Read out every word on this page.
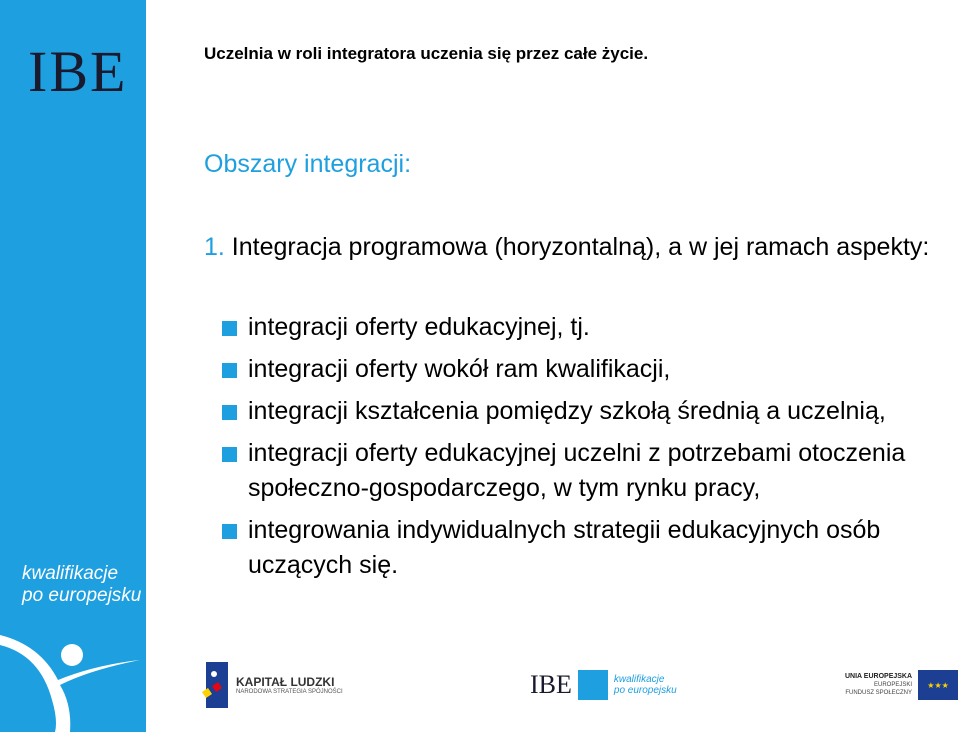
IBE
kwalifikacje
po europejsku
Uczelnia w roli integratora uczenia się przez całe życie.
Obszary integracji:
1. Integracja programowa (horyzontalną), a w jej ramach aspekty:
integracji oferty edukacyjnej, tj.
integracji oferty wokół ram kwalifikacji,
integracji kształcenia pomiędzy szkołą średnią a uczelnią,
integracji oferty edukacyjnej uczelni z potrzebami otoczenia społeczno-gospodarczego, w tym rynku pracy,
integrowania indywidualnych strategii edukacyjnych osób uczących się.
KAPITAŁ LUDZKI
NARODOWA STRATEGIA SPÓJNOŚCI	IBE	kwalifikacje
po europejsku
UNIA EUROPEJSKA
EUROPEJSKI
FUNDUSZ SPOŁECZNY
★★★
